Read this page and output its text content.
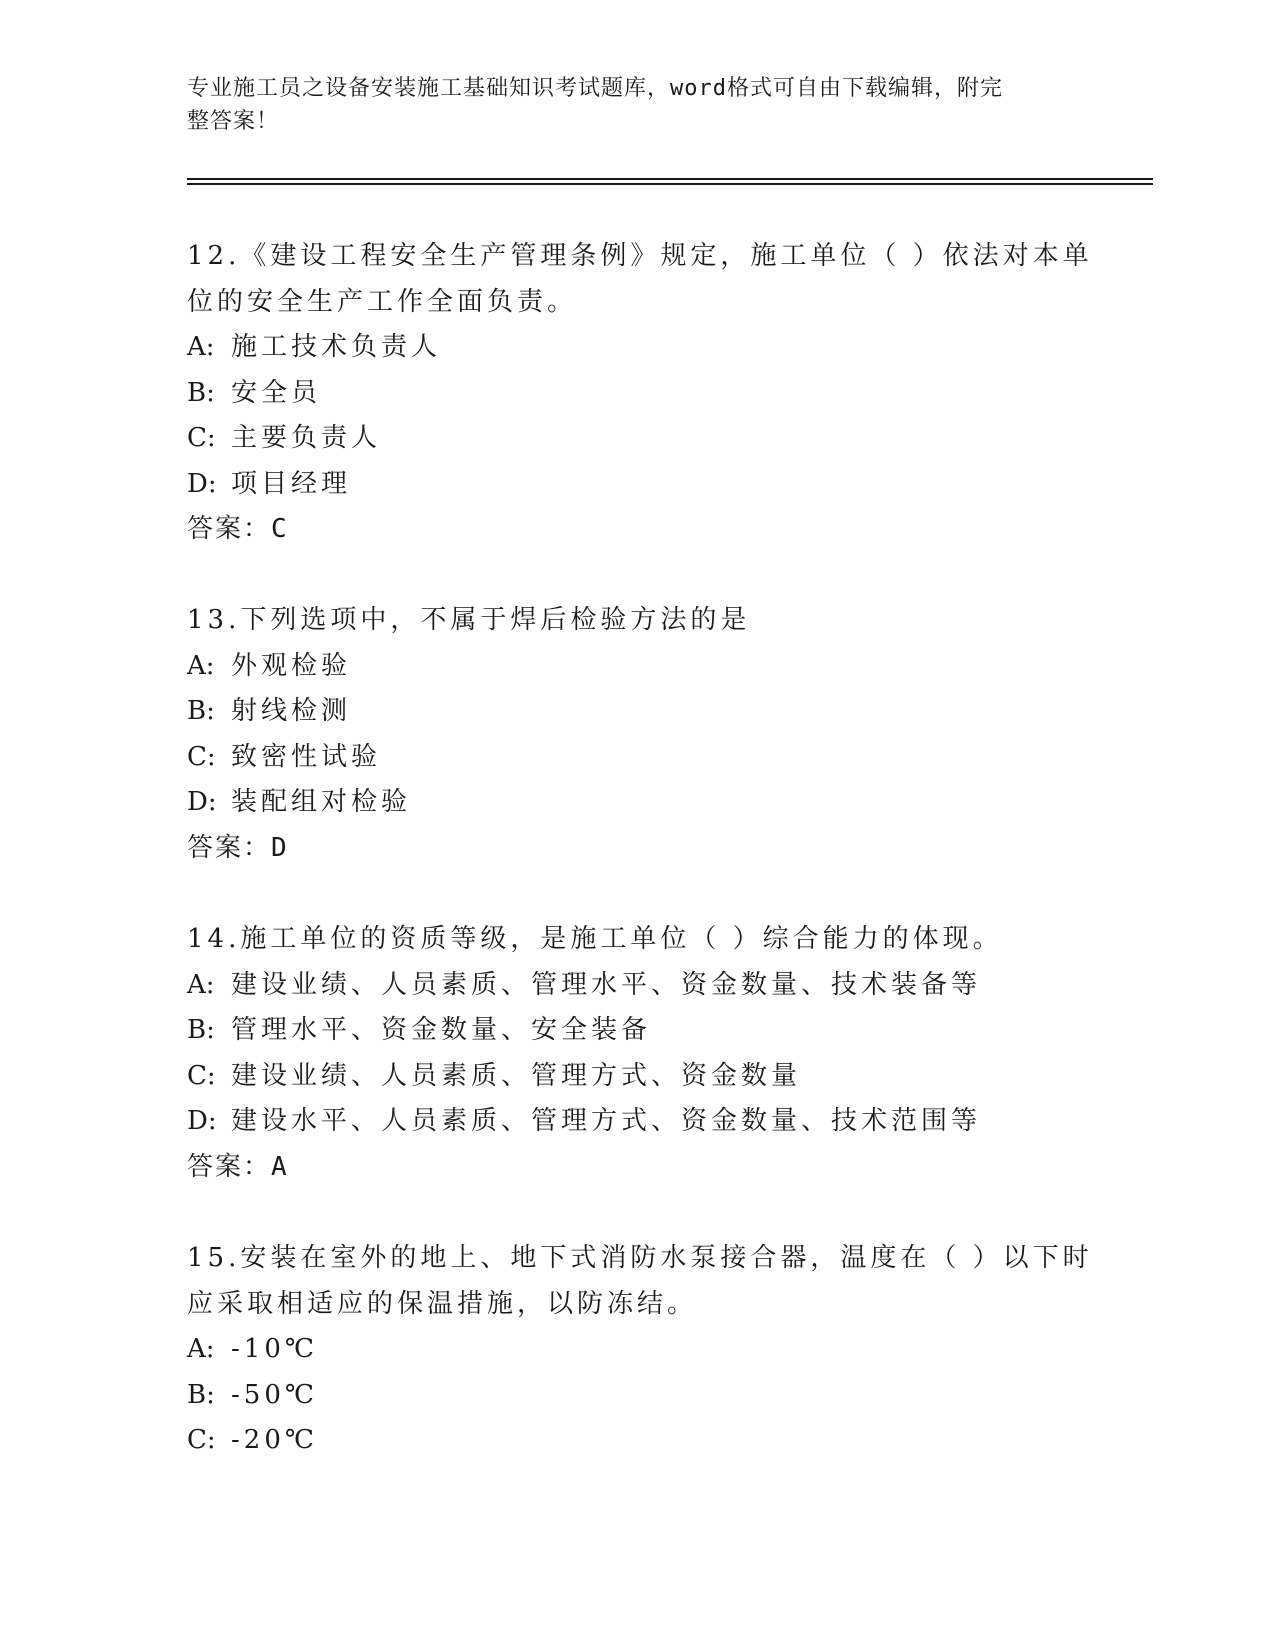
专业施工员之设备安装施工基础知识考试题库，word格式可自由下载编辑，附完
整答案！
12.《建设工程安全生产管理条例》规定，施工单位（ ）依法对本单
位的安全生产工作全面负责。
A: 施工技术负责人
B: 安全员
C: 主要负责人
D: 项目经理
答案：C
13.下列选项中，不属于焊后检验方法的是
A: 外观检验
B: 射线检测
C: 致密性试验
D: 装配组对检验
答案：D
14.施工单位的资质等级，是施工单位（ ）综合能力的体现。
A: 建设业绩、人员素质、管理水平、资金数量、技术装备等
B: 管理水平、资金数量、安全装备
C: 建设业绩、人员素质、管理方式、资金数量
D: 建设水平、人员素质、管理方式、资金数量、技术范围等
答案：A
15.安装在室外的地上、地下式消防水泵接合器，温度在（ ）以下时
应采取相适应的保温措施，以防冻结。
A: -10℃
B: -50℃
C: -20℃
